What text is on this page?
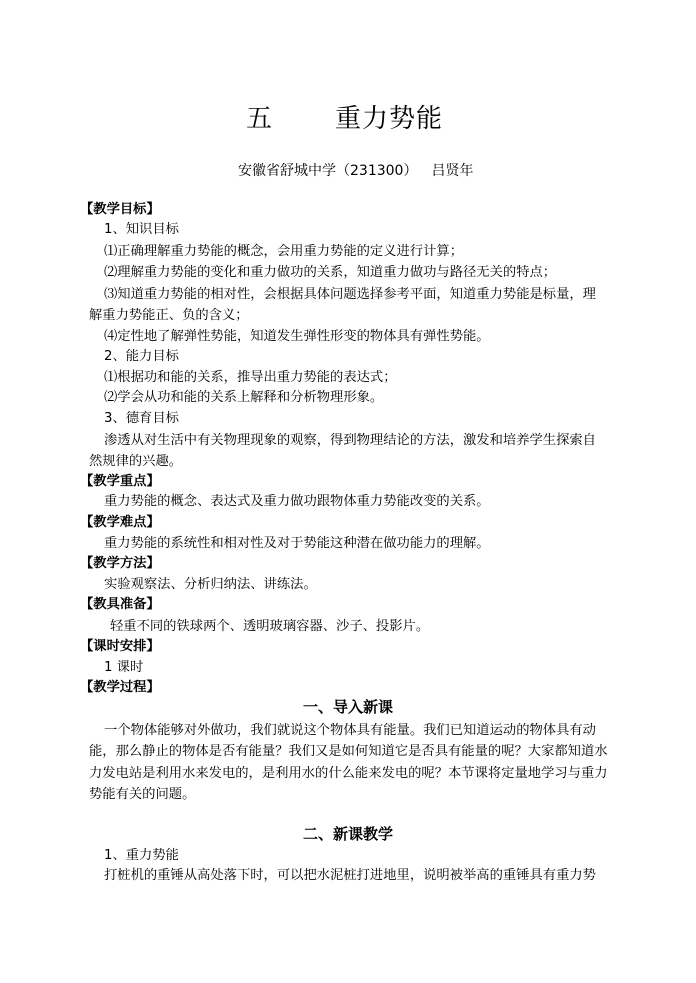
五 重力势能
安徽省舒城中学（231300） 吕贤年
【教学目标】
1、知识目标
⑴正确理解重力势能的概念，会用重力势能的定义进行计算；
⑵理解重力势能的变化和重力做功的关系，知道重力做功与路径无关的特点；
⑶知道重力势能的相对性，会根据具体问题选择参考平面，知道重力势能是标量，理
解重力势能正、负的含义；
⑷定性地了解弹性势能，知道发生弹性形变的物体具有弹性势能。
2、能力目标
⑴根据功和能的关系，推导出重力势能的表达式；
⑵学会从功和能的关系上解释和分析物理形象。
3、德育目标
渗透从对生活中有关物理现象的观察，得到物理结论的方法，激发和培养学生探索自
然规律的兴趣。
【教学重点】
重力势能的概念、表达式及重力做功跟物体重力势能改变的关系。
【教学难点】
重力势能的系统性和相对性及对于势能这种潜在做功能力的理解。
【教学方法】
实验观察法、分析归纳法、讲练法。
【教具准备】
轻重不同的铁球两个、透明玻璃容器、沙子、投影片。
【课时安排】
1 课时
【教学过程】
一、导入新课
一个物体能够对外做功，我们就说这个物体具有能量。我们已知道运动的物体具有动
能，那么静止的物体是否有能量？我们又是如何知道它是否具有能量的呢？大家都知道水
力发电站是利用水来发电的，是利用水的什么能来发电的呢？本节课将定量地学习与重力
势能有关的问题。
二、新课教学
1、重力势能
打桩机的重锤从高处落下时，可以把水泥桩打进地里，说明被举高的重锤具有重力势
